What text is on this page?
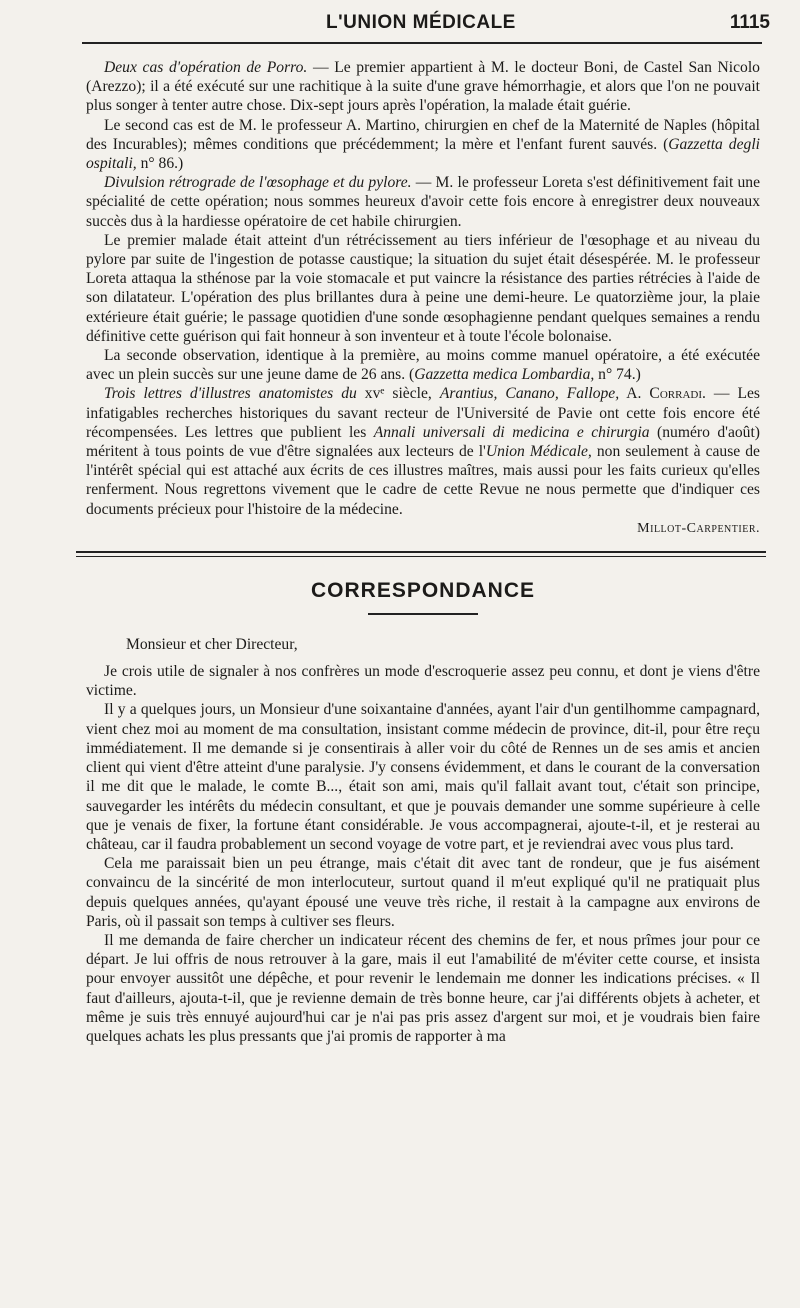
L'UNION MÉDICALE	1115

Deux cas d'opération de Porro. — Le premier appartient à M. le docteur Boni, de Castel San Nicolo (Arezzo); il a été exécuté sur une rachitique à la suite d'une grave hémorrhagie, et alors que l'on ne pouvait plus songer à tenter autre chose. Dix-sept jours après l'opération, la malade était guérie.

Le second cas est de M. le professeur A. Martino, chirurgien en chef de la Maternité de Naples (hôpital des Incurables); mêmes conditions que précédemment; la mère et l'enfant furent sauvés. (Gazzetta degli ospitali, n° 86.)

Divulsion rétrograde de l'œsophage et du pylore. — M. le professeur Loreta s'est définitivement fait une spécialité de cette opération; nous sommes heureux d'avoir cette fois encore à enregistrer deux nouveaux succès dus à la hardiesse opératoire de cet habile chirurgien.

Le premier malade était atteint d'un rétrécissement au tiers inférieur de l'œsophage et au niveau du pylore par suite de l'ingestion de potasse caustique; la situation du sujet était désespérée. M. le professeur Loreta attaqua la sthénose par la voie stomacale et put vaincre la résistance des parties rétrécies à l'aide de son dilatateur. L'opération des plus brillantes dura à peine une demi-heure. Le quatorzième jour, la plaie extérieure était guérie; le passage quotidien d'une sonde œsophagienne pendant quelques semaines a rendu définitive cette guérison qui fait honneur à son inventeur et à toute l'école bolonaise.

La seconde observation, identique à la première, au moins comme manuel opératoire, a été exécutée avec un plein succès sur une jeune dame de 26 ans. (Gazzetta medica Lombardia, n° 74.)

Trois lettres d'illustres anatomistes du xvᵉ siècle, Arantius, Canano, Fallope, A. Corradi. — Les infatigables recherches historiques du savant recteur de l'Université de Pavie ont cette fois encore été récompensées. Les lettres que publient les Annali universali di medicina e chirurgia (numéro d'août) méritent à tous points de vue d'être signalées aux lecteurs de l'Union Médicale, non seulement à cause de l'intérêt spécial qui est attaché aux écrits de ces illustres maîtres, mais aussi pour les faits curieux qu'elles renferment. Nous regrettons vivement que le cadre de cette Revue ne nous permette que d'indiquer ces documents précieux pour l'histoire de la médecine.

Millot-Carpentier.
CORRESPONDANCE
Monsieur et cher Directeur,

Je crois utile de signaler à nos confrères un mode d'escroquerie assez peu connu, et dont je viens d'être victime.

Il y a quelques jours, un Monsieur d'une soixantaine d'années, ayant l'air d'un gentilhomme campagnard, vient chez moi au moment de ma consultation, insistant comme médecin de province, dit-il, pour être reçu immédiatement. Il me demande si je consentirais à aller voir du côté de Rennes un de ses amis et ancien client qui vient d'être atteint d'une paralysie. J'y consens évidemment, et dans le courant de la conversation il me dit que le malade, le comte B..., était son ami, mais qu'il fallait avant tout, c'était son principe, sauvegarder les intérêts du médecin consultant, et que je pouvais demander une somme supérieure à celle que je venais de fixer, la fortune étant considérable. Je vous accompagnerai, ajoute-t-il, et je resterai au château, car il faudra probablement un second voyage de votre part, et je reviendrai avec vous plus tard.

Cela me paraissait bien un peu étrange, mais c'était dit avec tant de rondeur, que je fus aisément convaincu de la sincérité de mon interlocuteur, surtout quand il m'eut expliqué qu'il ne pratiquait plus depuis quelques années, qu'ayant épousé une veuve très riche, il restait à la campagne aux environs de Paris, où il passait son temps à cultiver ses fleurs.

Il me demanda de faire chercher un indicateur récent des chemins de fer, et nous prîmes jour pour ce départ. Je lui offris de nous retrouver à la gare, mais il eut l'amabilité de m'éviter cette course, et insista pour envoyer aussitôt une dépêche, et pour revenir le lendemain me donner les indications précises. « Il faut d'ailleurs, ajouta-t-il, que je revienne demain de très bonne heure, car j'ai différents objets à acheter, et même je suis très ennuyé aujourd'hui car je n'ai pas pris assez d'argent sur moi, et je voudrais bien faire quelques achats les plus pressants que j'ai promis de rapporter à ma
